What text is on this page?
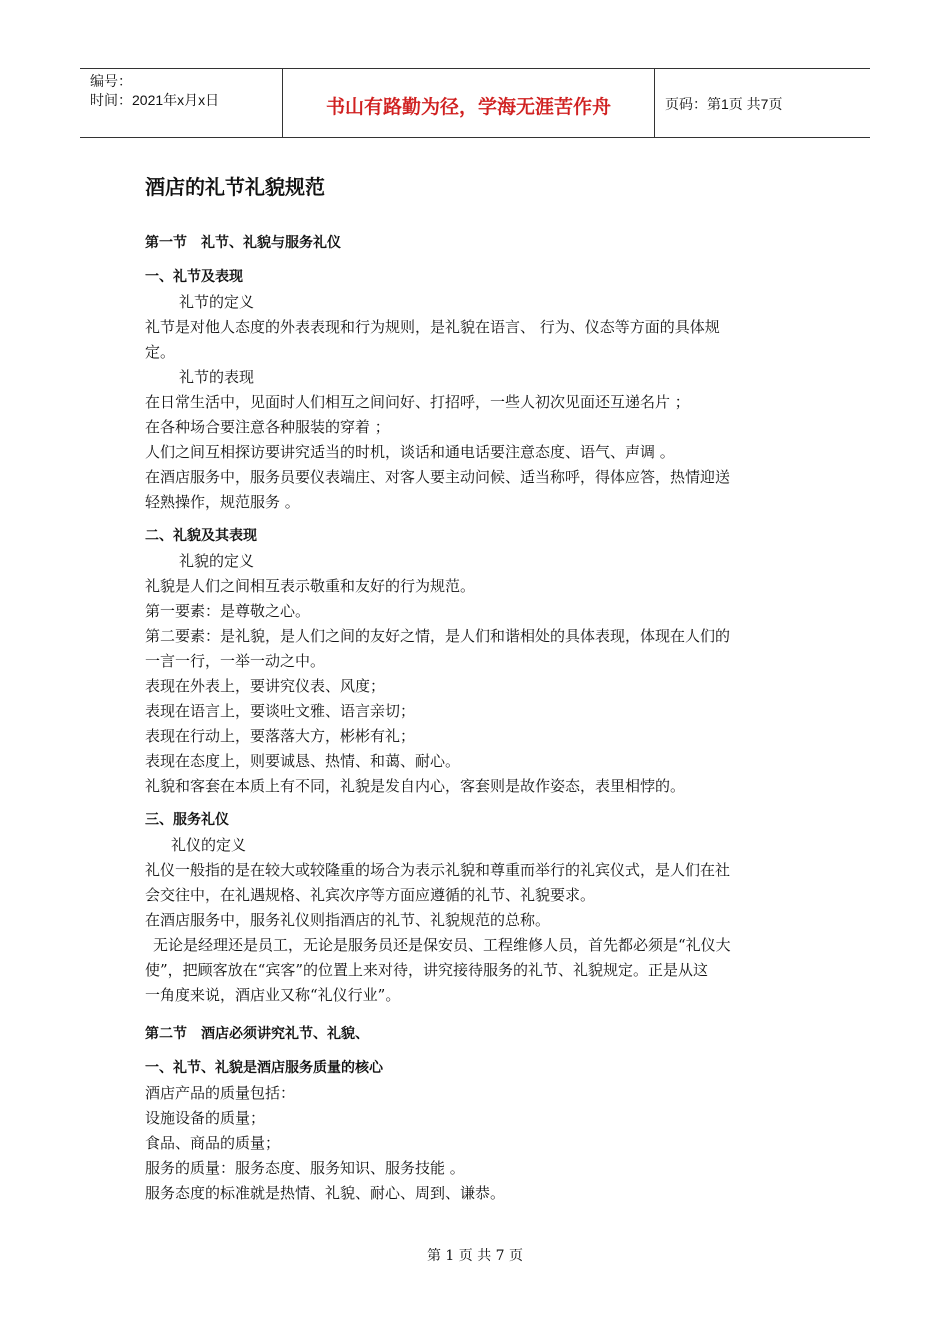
编号：
时间：2021年x月x日	书山有路勤为径，学海无涯苦作舟	页码：第1页 共7页
酒店的礼节礼貌规范
第一节　礼节、礼貌与服务礼仪
一、礼节及表现
礼节的定义
礼节是对他人态度的外表表现和行为规则，是礼貌在语言、 行为、仪态等方面的具体规
定。
礼节的表现
在日常生活中，见面时人们相互之间问好、打招呼，一些人初次见面还互递名片 ；
在各种场合要注意各种服装的穿着 ；
人们之间互相探访要讲究适当的时机，谈话和通电话要注意态度、语气、声调 。
在酒店服务中，服务员要仪表端庄、对客人要主动问候、适当称呼，得体应答，热情迎送
轻熟操作，规范服务 。
二、礼貌及其表现
礼貌的定义
礼貌是人们之间相互表示敬重和友好的行为规范。
第一要素：是尊敬之心。
第二要素：是礼貌，是人们之间的友好之情，是人们和谐相处的具体表现，体现在人们的
一言一行，一举一动之中。
表现在外表上，要讲究仪表、风度；
表现在语言上，要谈吐文雅、语言亲切；
表现在行动上，要落落大方，彬彬有礼；
表现在态度上，则要诚恳、热情、和蔼、耐心。
礼貌和客套在本质上有不同，礼貌是发自内心，客套则是故作姿态，表里相悖的。
三、服务礼仪
礼仪的定义
礼仪一般指的是在较大或较隆重的场合为表示礼貌和尊重而举行的礼宾仪式，是人们在社
会交往中，在礼遇规格、礼宾次序等方面应遵循的礼节、礼貌要求。
在酒店服务中，服务礼仪则指酒店的礼节、礼貌规范的总称。
无论是经理还是员工，无论是服务员还是保安员、工程维修人员，首先都必须是“礼仪大
使”，把顾客放在“宾客”的位置上来对待，讲究接待服务的礼节、礼貌规定。正是从这
一角度来说，酒店业又称“礼仪行业”。
第二节　酒店必须讲究礼节、礼貌、
一、礼节、礼貌是酒店服务质量的核心
酒店产品的质量包括：
设施设备的质量；
食品、商品的质量；
服务的质量：服务态度、服务知识、服务技能 。
服务态度的标准就是热情、礼貌、耐心、周到、谦恭。
第 1 页 共 7 页
